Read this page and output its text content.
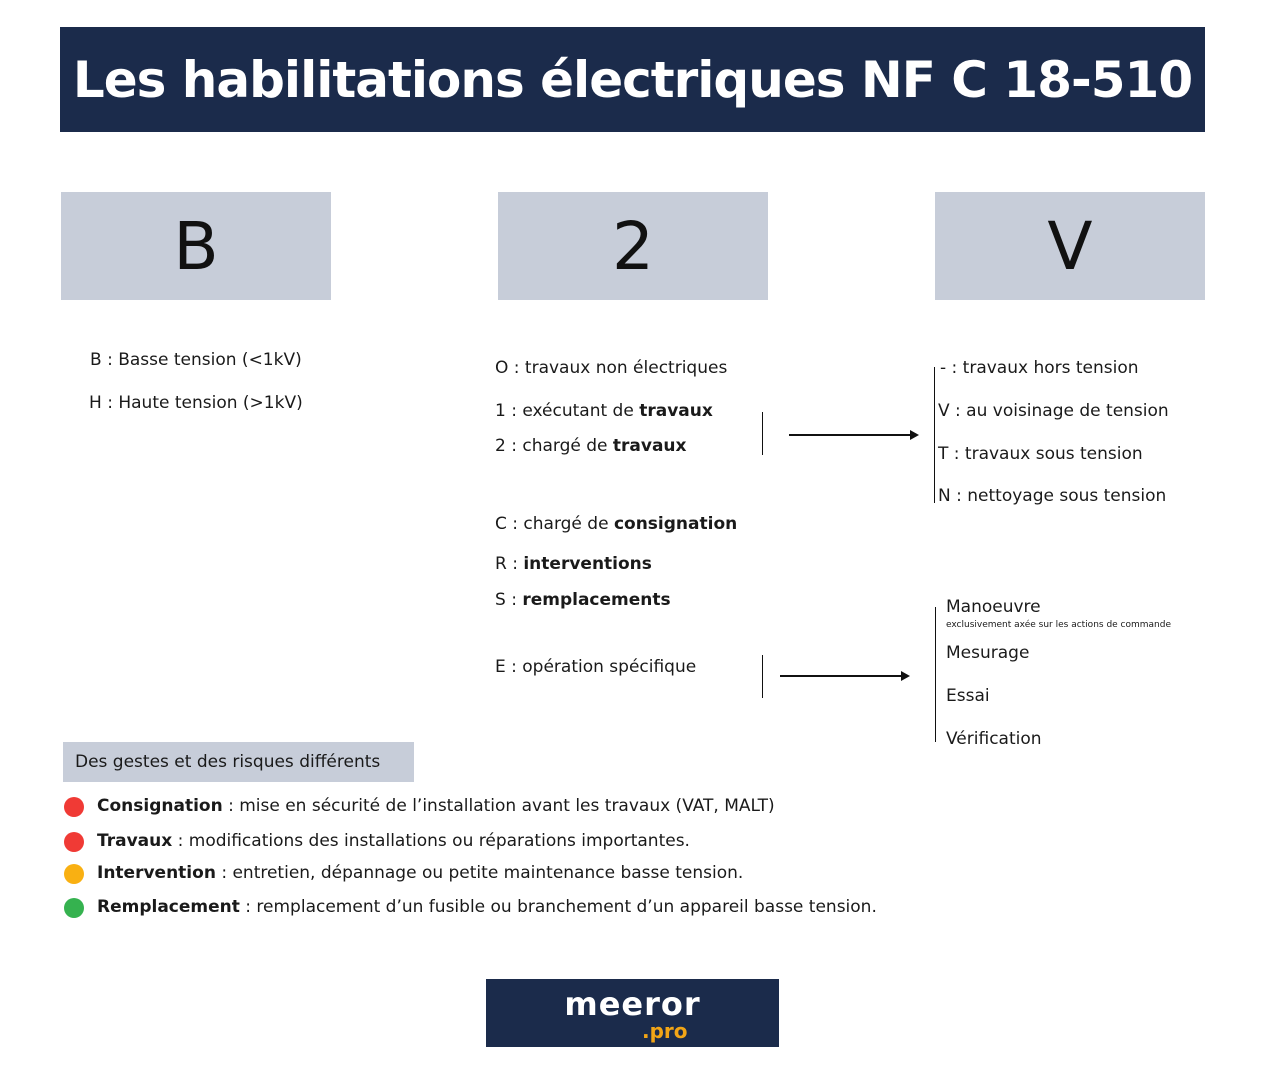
Les habilitations électriques NF C 18-510
B	2	V
B : Basse tension (<1kV)
H : Haute tension (>1kV)
O : travaux non électriques
1 : exécutant de travaux
2 : chargé de travaux
C : chargé de consignation
R : interventions
S : remplacements
E : opération spécifique
- : travaux hors tension
V : au voisinage de tension
T : travaux sous tension
N : nettoyage sous tension
Manoeuvre
exclusivement axée sur les actions de commande
Mesurage
Essai
Vérification
Des gestes et des risques différents
Consignation : mise en sécurité de l’installation avant les travaux (VAT, MALT)
Travaux : modifications des installations ou réparations importantes.
Intervention : entretien, dépannage ou petite maintenance basse tension.
Remplacement : remplacement d’un fusible ou branchement d’un appareil basse tension.
meeror
.pro
